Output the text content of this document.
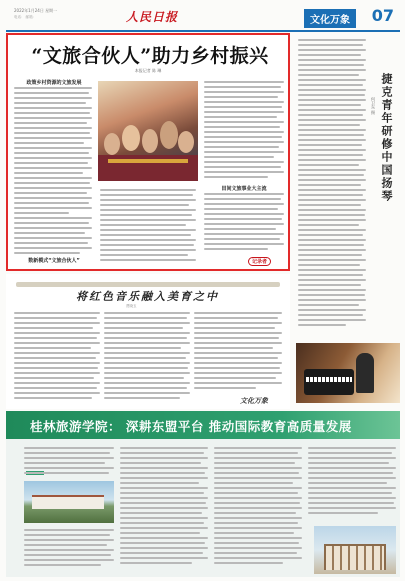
2022年1月24日 星期一
电话： 邮箱：	人民日报	文化万象	07
“文旅合伙人”助力乡村振兴
本报记者 陈 琳
政策乡村资源的文旅发展
数新模式“文旅合伙人”
田间文旅事业大主流
记录者
捷克青年研修中国扬琴
何卫东 摄
将红色音乐融入美育之中
贾晓玉
文化万象
桂林旅游学院： 深耕东盟平台 推动国际教育高质量发展
